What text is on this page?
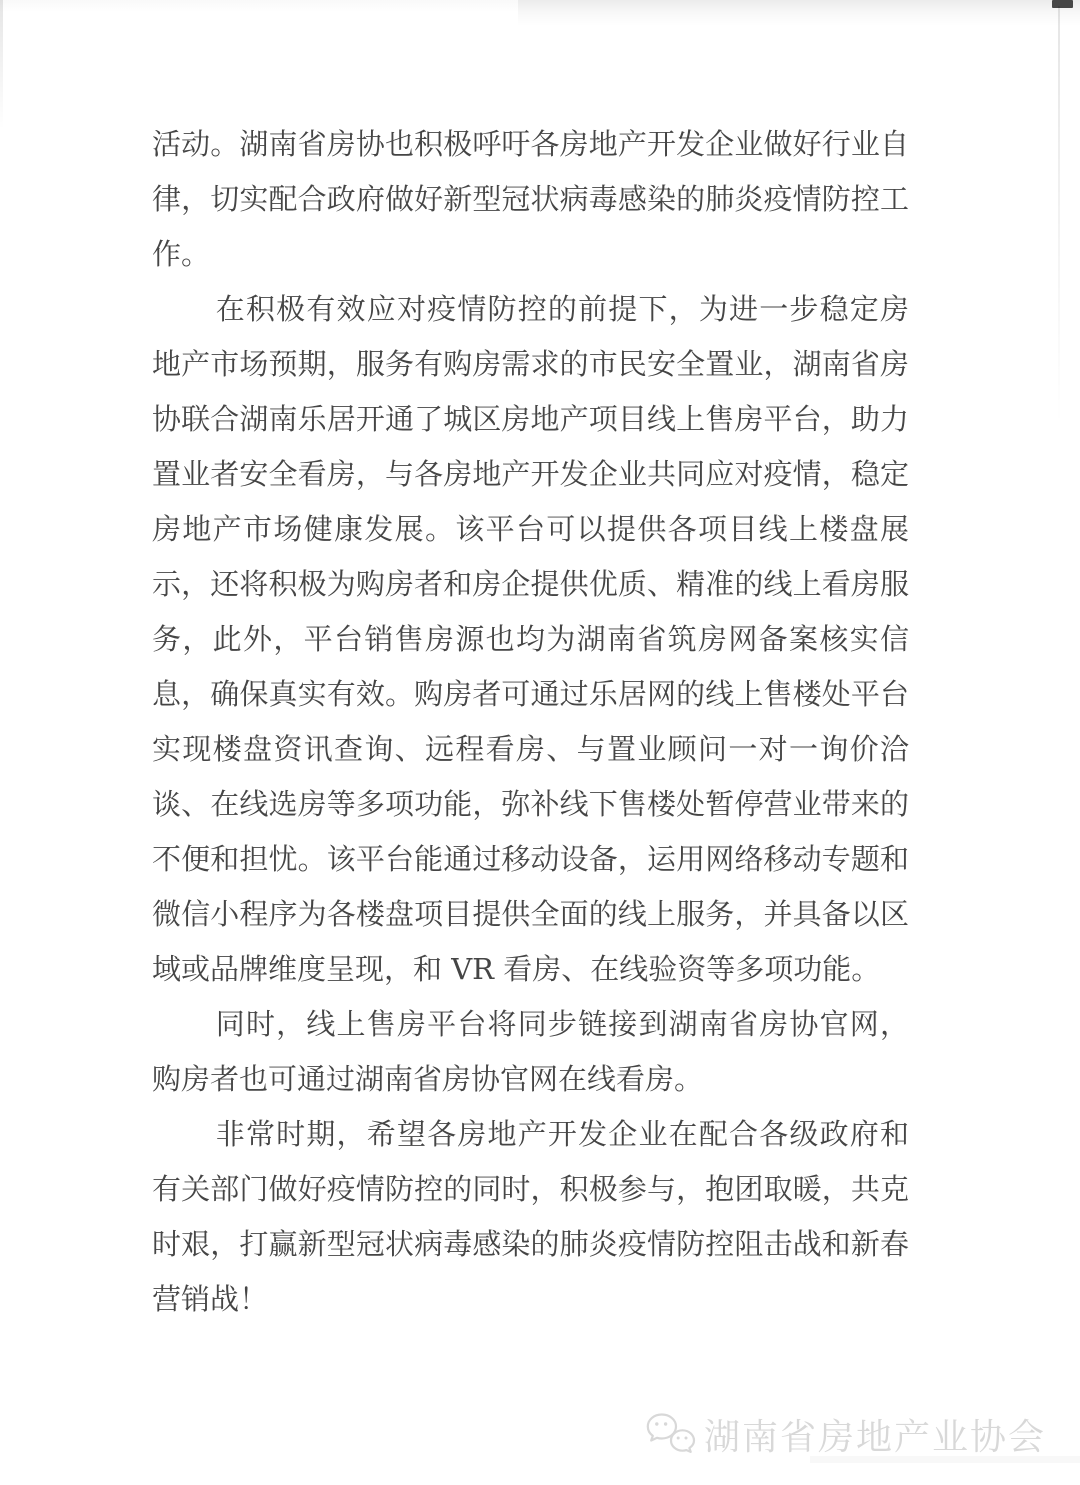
活动。湖南省房协也积极呼吁各房地产开发企业做好行业自律，切实配合政府做好新型冠状病毒感染的肺炎疫情防控工作。

在积极有效应对疫情防控的前提下，为进一步稳定房地产市场预期，服务有购房需求的市民安全置业，湖南省房协联合湖南乐居开通了城区房地产项目线上售房平台，助力置业者安全看房，与各房地产开发企业共同应对疫情，稳定房地产市场健康发展。该平台可以提供各项目线上楼盘展示，还将积极为购房者和房企提供优质、精准的线上看房服务，此外，平台销售房源也均为湖南省筑房网备案核实信息，确保真实有效。购房者可通过乐居网的线上售楼处平台实现楼盘资讯查询、远程看房、与置业顾问一对一询价洽谈、在线选房等多项功能，弥补线下售楼处暂停营业带来的不便和担忧。该平台能通过移动设备，运用网络移动专题和微信小程序为各楼盘项目提供全面的线上服务，并具备以区域或品牌维度呈现，和 VR 看房、在线验资等多项功能。

同时，线上售房平台将同步链接到湖南省房协官网，购房者也可通过湖南省房协官网在线看房。

非常时期，希望各房地产开发企业在配合各级政府和有关部门做好疫情防控的同时，积极参与，抱团取暖，共克时艰，打赢新型冠状病毒感染的肺炎疫情防控阻击战和新春营销战！

湖南省房地产业协会
